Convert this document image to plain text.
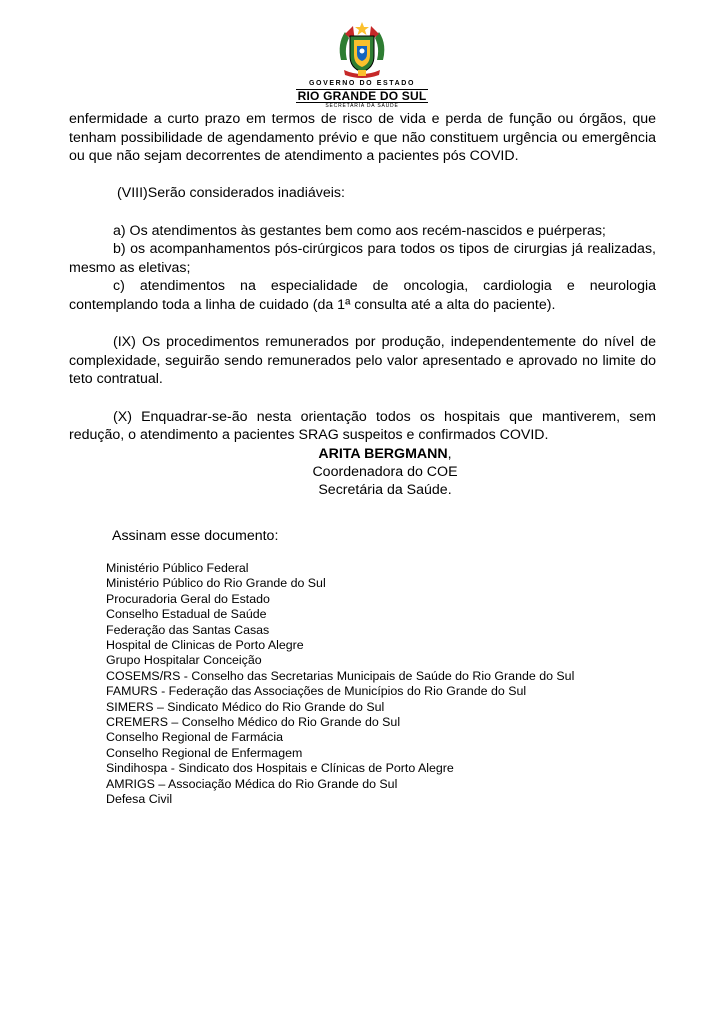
GOVERNO DO ESTADO
RIO GRANDE DO SUL
SECRETARIA DA SAÚDE

enfermidade a curto prazo em termos de risco de vida e perda de função ou órgãos, que tenham possibilidade de agendamento prévio e que não constituem urgência ou emergência ou que não sejam decorrentes de atendimento a pacientes pós COVID.

(VIII)Serão considerados inadiáveis:

a) Os atendimentos às gestantes bem como aos recém-nascidos e puérperas;

b) os acompanhamentos pós-cirúrgicos para todos os tipos de cirurgias já realizadas, mesmo as eletivas;

c) atendimentos na especialidade de oncologia, cardiologia e neurologia contemplando toda a linha de cuidado (da 1ª consulta até a alta do paciente).

(IX) Os procedimentos remunerados por produção, independentemente do nível de complexidade, seguirão sendo remunerados pelo valor apresentado e aprovado no limite do teto contratual.

(X) Enquadrar-se-ão nesta orientação todos os hospitais que mantiverem, sem redução, o atendimento a pacientes SRAG suspeitos e confirmados COVID.

ARITA BERGMANN,
Coordenadora do COE
Secretária da Saúde.
Assinam esse documento:
Ministério Público Federal
Ministério Público do Rio Grande do Sul
Procuradoria Geral do Estado
Conselho Estadual de Saúde
Federação das Santas Casas
Hospital de Clinicas de Porto Alegre
Grupo Hospitalar Conceição
COSEMS/RS - Conselho das Secretarias Municipais de Saúde do Rio Grande do Sul
FAMURS - Federação das Associações de Municípios do Rio Grande do Sul
SIMERS – Sindicato Médico do Rio Grande do Sul
CREMERS – Conselho Médico do Rio Grande do Sul
Conselho Regional de Farmácia
Conselho Regional de Enfermagem
Sindihospa - Sindicato dos Hospitais e Clínicas de Porto Alegre
AMRIGS – Associação Médica do Rio Grande do Sul
Defesa Civil
